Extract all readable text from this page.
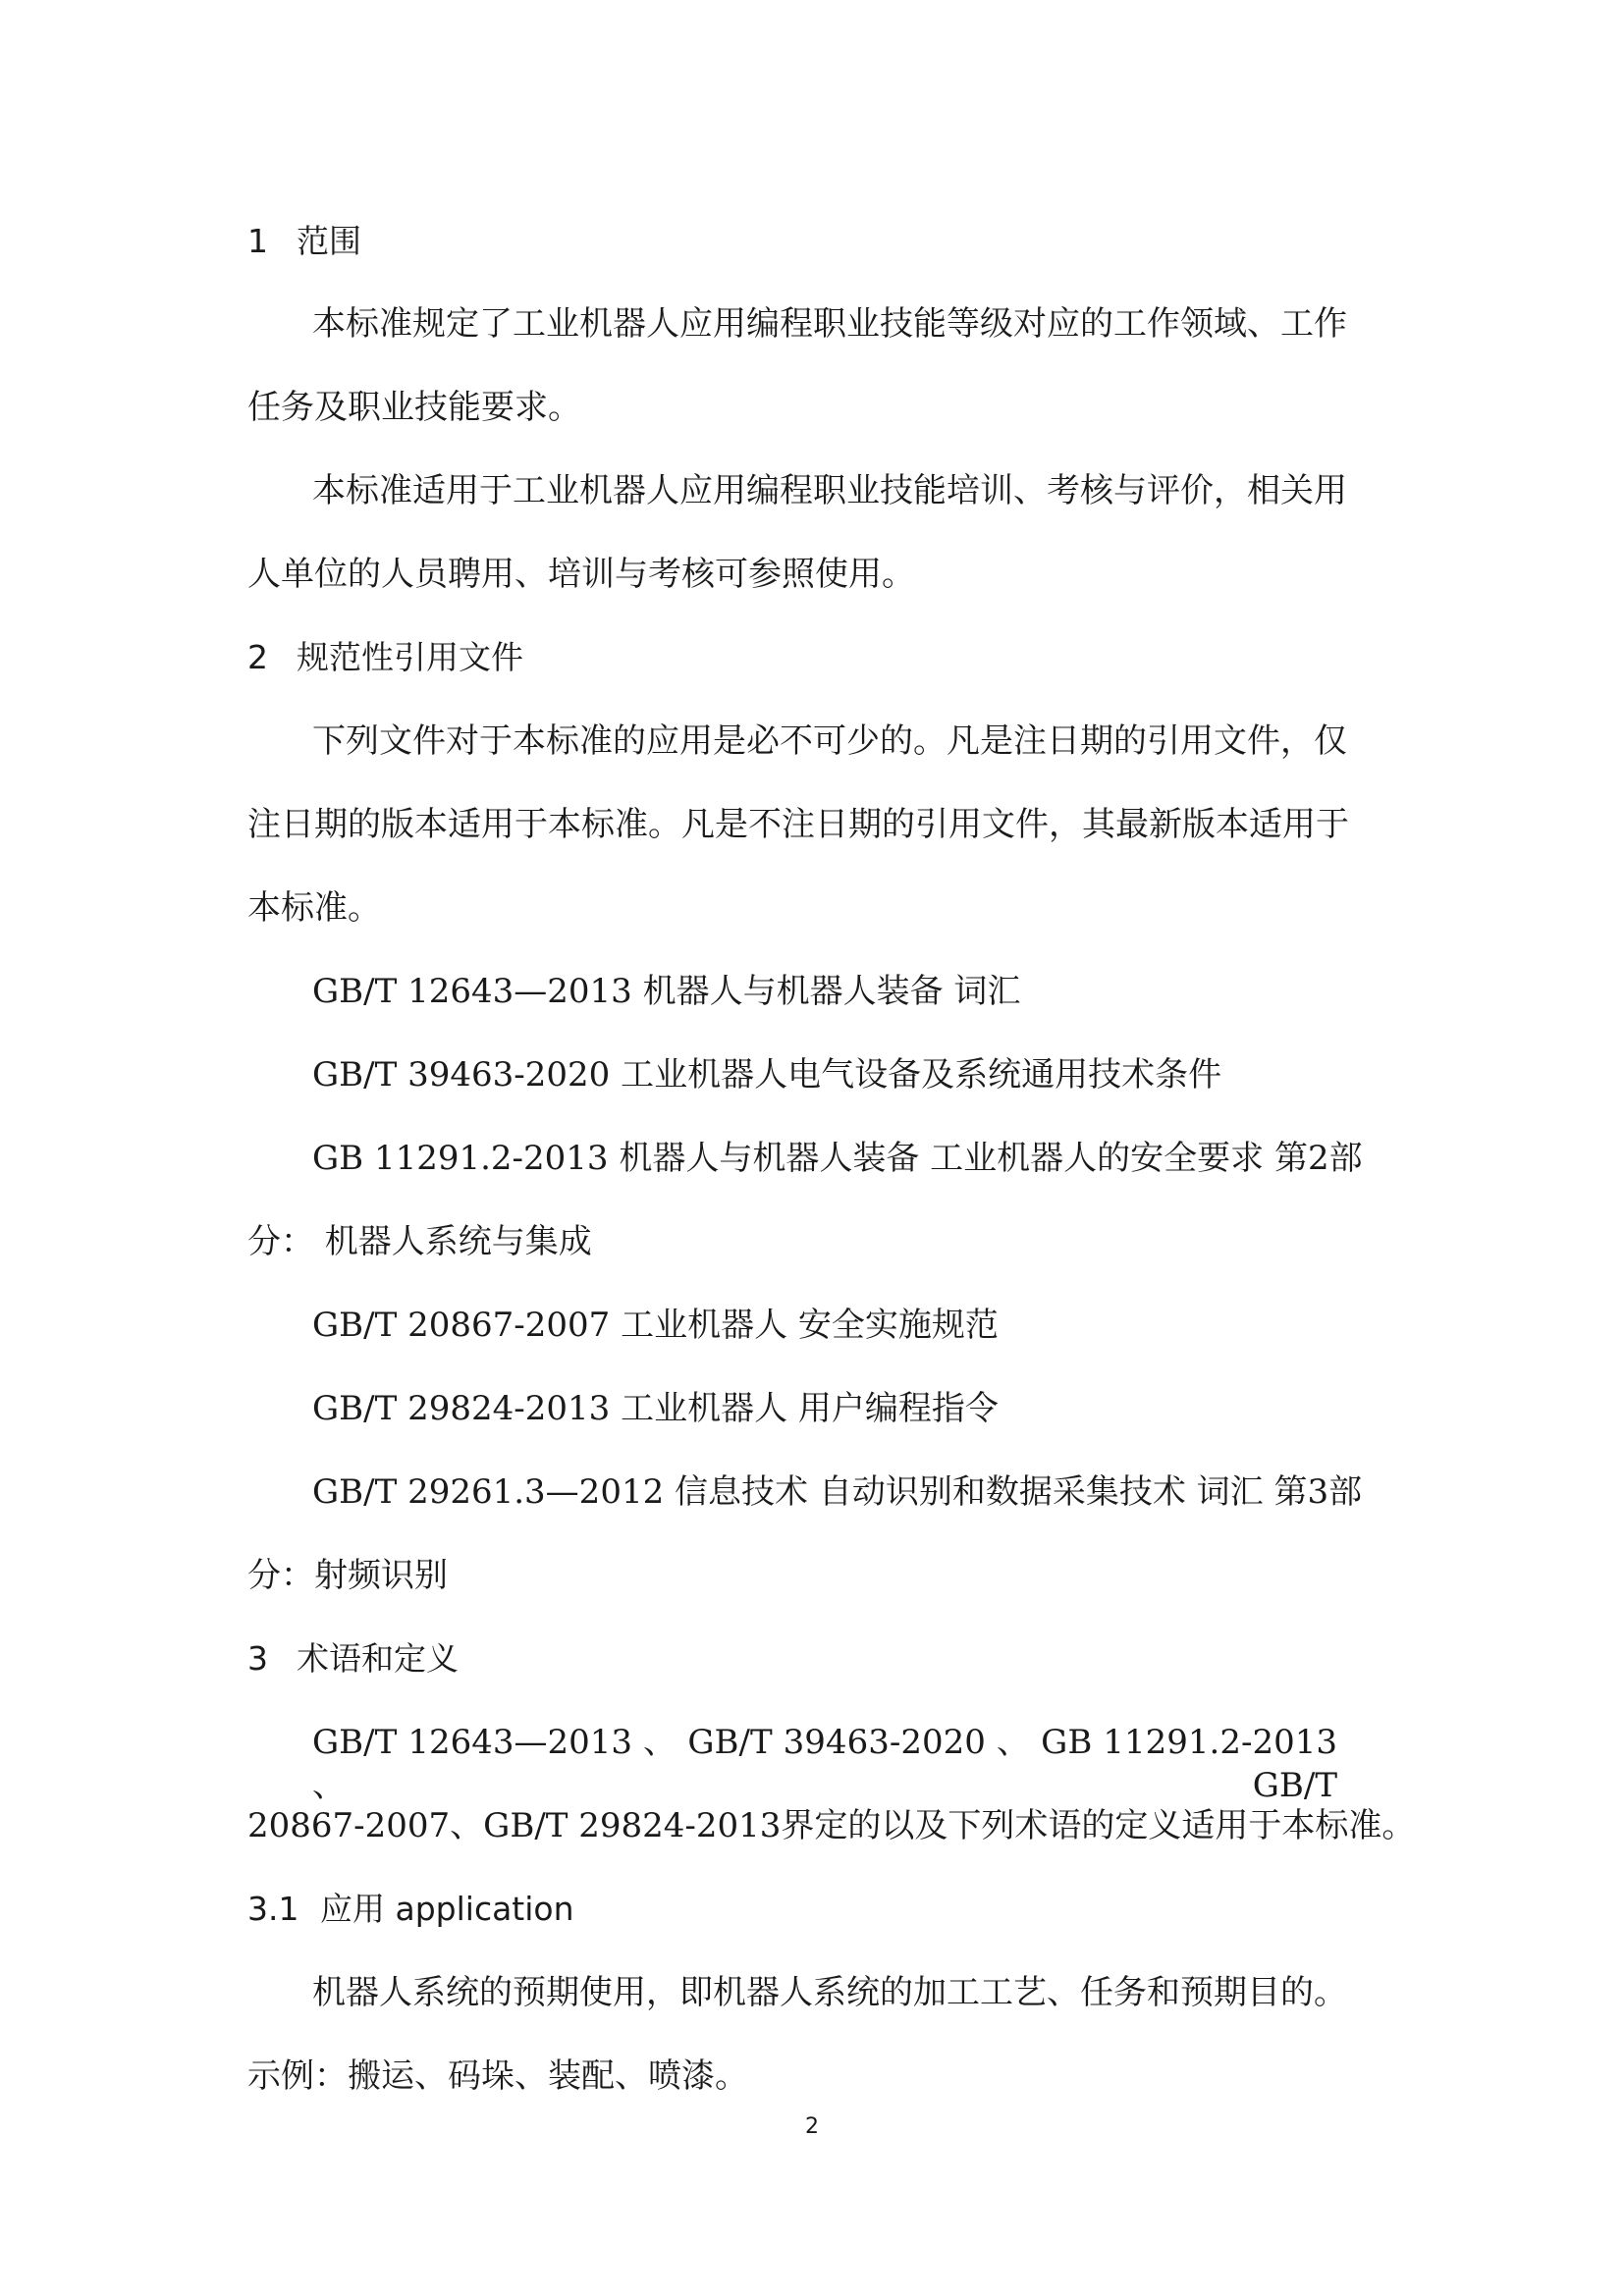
1 范围
本标准规定了工业机器人应用编程职业技能等级对应的工作领域、工作
任务及职业技能要求。
本标准适用于工业机器人应用编程职业技能培训、考核与评价，相关用
人单位的人员聘用、培训与考核可参照使用。
2 规范性引用文件
下列文件对于本标准的应用是必不可少的。凡是注日期的引用文件，仅
注日期的版本适用于本标准。凡是不注日期的引用文件，其最新版本适用于
本标准。
GB/T 12643—2013 机器人与机器人装备 词汇
GB/T 39463-2020 工业机器人电气设备及系统通用技术条件
GB 11291.2-2013 机器人与机器人装备 工业机器人的安全要求 第2部
分： 机器人系统与集成
GB/T 20867-2007 工业机器人 安全实施规范
GB/T 29824-2013 工业机器人 用户编程指令
GB/T 29261.3—2012 信息技术 自动识别和数据采集技术 词汇 第3部
分：射频识别
3 术语和定义
GB/T 12643—2013 、 GB/T 39463-2020 、 GB 11291.2-2013 、 GB/T
20867-2007、GB/T 29824-2013界定的以及下列术语的定义适用于本标准。
3.1 应用 application
机器人系统的预期使用，即机器人系统的加工工艺、任务和预期目的。
示例：搬运、码垛、装配、喷漆。
2
